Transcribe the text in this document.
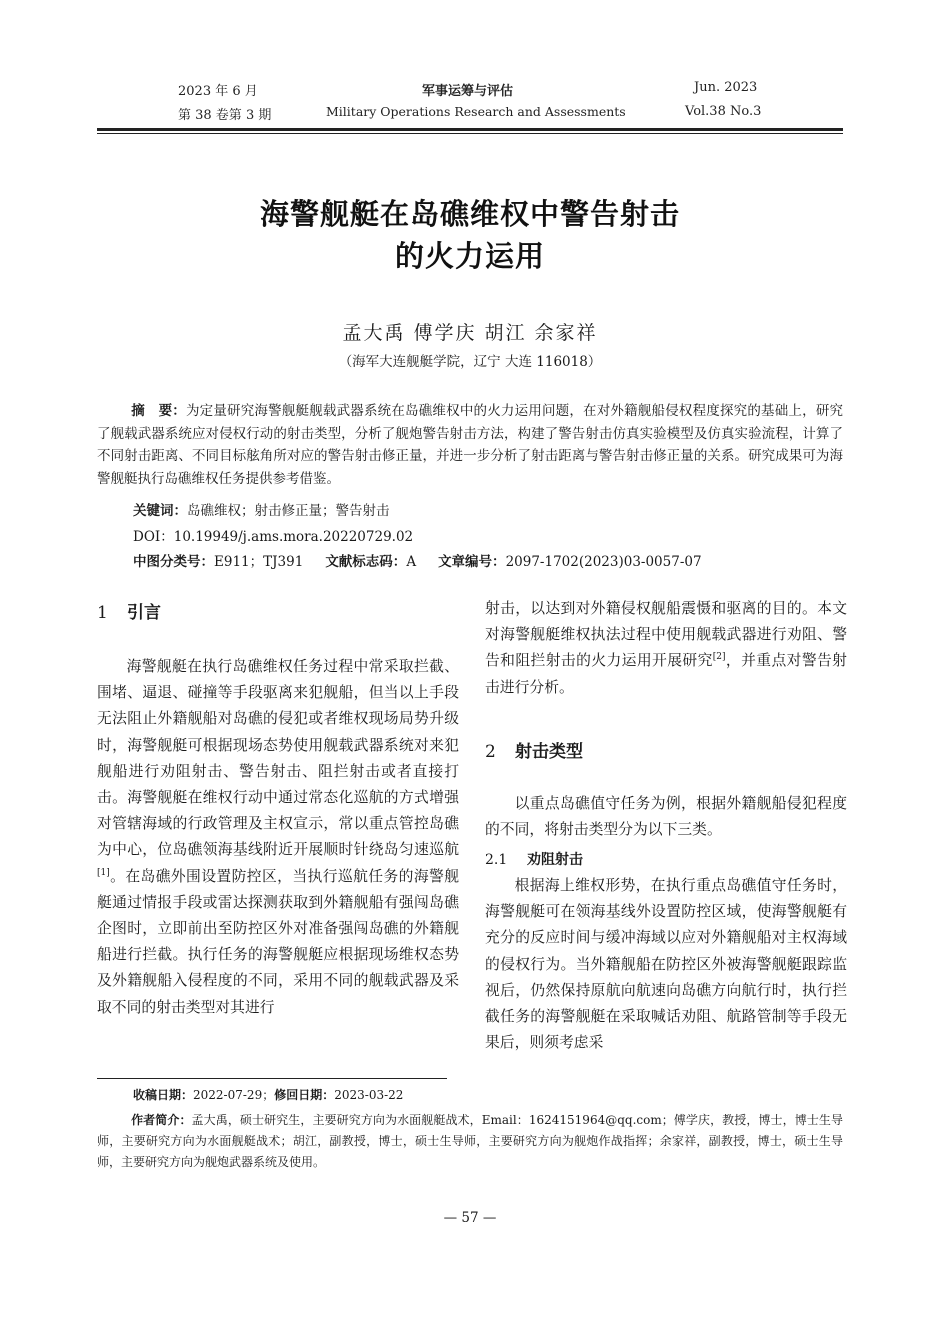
2023 年 6 月
第 38 卷第 3 期
军事运筹与评估
Military Operations Research and Assessments
Jun. 2023
Vol.38 No.3
海警舰艇在岛礁维权中警告射击
的火力运用
孟大禹 傅学庆 胡江 余家祥
（海军大连舰艇学院，辽宁 大连 116018）
摘　要：为定量研究海警舰艇舰载武器系统在岛礁维权中的火力运用问题，在对外籍舰船侵权程度探究的基础上，研究了舰载武器系统应对侵权行动的射击类型，分析了舰炮警告射击方法，构建了警告射击仿真实验模型及仿真实验流程，计算了不同射击距离、不同目标舷角所对应的警告射击修正量，并进一步分析了射击距离与警告射击修正量的关系。研究成果可为海警舰艇执行岛礁维权任务提供参考借鉴。
关键词：岛礁维权；射击修正量；警告射击
DOI：10.19949/j.ams.mora.20220729.02
中图分类号：E911；TJ391 文献标志码：A 文章编号：2097-1702(2023)03-0057-07
1 引言

海警舰艇在执行岛礁维权任务过程中常采取拦截、围堵、逼退、碰撞等手段驱离来犯舰船，但当以上手段无法阻止外籍舰船对岛礁的侵犯或者维权现场局势升级时，海警舰艇可根据现场态势使用舰载武器系统对来犯舰船进行劝阻射击、警告射击、阻拦射击或者直接打击。海警舰艇在维权行动中通过常态化巡航的方式增强对管辖海域的行政管理及主权宣示，常以重点管控岛礁为中心，位岛礁领海基线附近开展顺时针绕岛匀速巡航[1]。在岛礁外围设置防控区，当执行巡航任务的海警舰艇通过情报手段或雷达探测获取到外籍舰船有强闯岛礁企图时，立即前出至防控区外对准备强闯岛礁的外籍舰船进行拦截。执行任务的海警舰艇应根据现场维权态势及外籍舰船入侵程度的不同，采用不同的舰载武器及采取不同的射击类型对其进行

射击，以达到对外籍侵权舰船震慑和驱离的目的。本文对海警舰艇维权执法过程中使用舰载武器进行劝阻、警告和阻拦射击的火力运用开展研究[2]，并重点对警告射击进行分析。

2 射击类型

以重点岛礁值守任务为例，根据外籍舰船侵犯程度的不同，将射击类型分为以下三类。

2.1 劝阻射击

根据海上维权形势，在执行重点岛礁值守任务时，海警舰艇可在领海基线外设置防控区域，使海警舰艇有充分的反应时间与缓冲海域以应对外籍舰船对主权海域的侵权行为。当外籍舰船在防控区外被海警舰艇跟踪监视后，仍然保持原航向航速向岛礁方向航行时，执行拦截任务的海警舰艇在采取喊话劝阻、航路管制等手段无果后，则须考虑采

收稿日期：2022-07-29；修回日期：2023-03-22
作者简介：孟大禹，硕士研究生，主要研究方向为水面舰艇战术，Email：1624151964@qq.com；傅学庆，教授，博士，博士生导师，主要研究方向为水面舰艇战术；胡江，副教授，博士，硕士生导师，主要研究方向为舰炮作战指挥；余家祥，副教授，博士，硕士生导师，主要研究方向为舰炮武器系统及使用。
— 57 —
